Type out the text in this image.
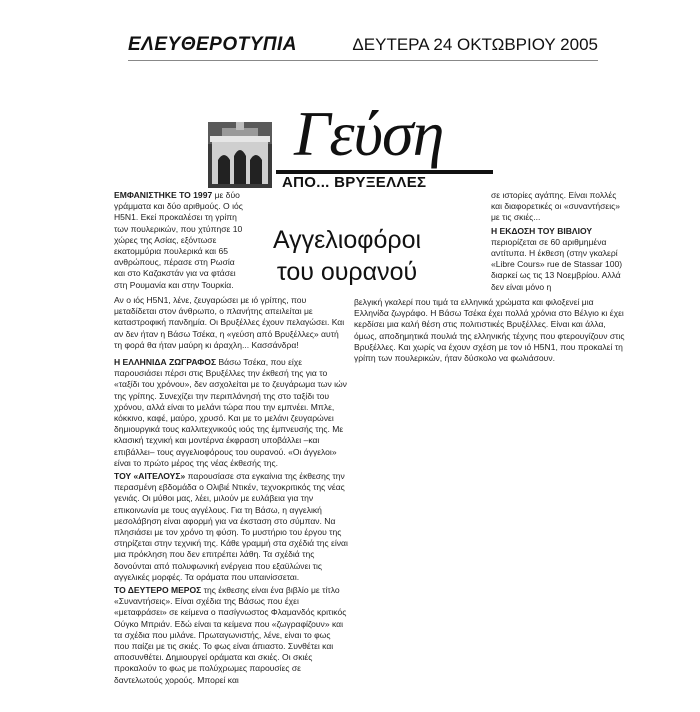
ΕΛΕΥΘΕΡΟΤΥΠΙΑ	ΔΕΥΤΕΡΑ 24 ΟΚΤΩΒΡΙΟΥ 2005
Γεύση
ΑΠΟ... ΒΡΥΞΕΛΛΕΣ
Αγγελιοφόροι
του ουρανού

ΕΜΦΑΝΙΣΤΗΚΕ ΤΟ 1997 με δύο γράμματα και δύο αριθμούς. Ο ιός H5N1. Εκεί προκαλέσει τη γρίπη των πουλερικών, που χτύπησε 10 χώρες της Ασίας, εξόντωσε εκατομμύρια πουλερικά και 65 ανθρώπους, πέρασε στη Ρωσία και στο Καζακστάν για να φτάσει στη Ρουμανία και στην Τουρκία.

Αν ο ιός H5N1, λένε, ζευγαρώσει με ιό γρίπης, που μεταδίδεται στον άνθρωπο, ο πλανήτης απειλείται με καταστροφική πανδημία. Οι Βρυξέλλες έχουν πελαγώσει. Και αν δεν ήταν η Βάσω Τσέκα, η «γεύση από Βρυξέλλες» αυτή τη φορά θα ήταν μαύρη κι άραχλη... Κασσάνδρα!

Η ΕΛΛΗΝΙΔΑ ΖΩΓΡΑΦΟΣ Βάσω Τσέκα, που είχε παρουσιάσει πέρσι στις Βρυξέλλες την έκθεσή της για το «ταξίδι του χρόνου», δεν ασχολείται με το ζευγάρωμα των ιών της γρίπης. Συνεχίζει την περιπλάνησή της στο ταξίδι του χρόνου, αλλά είναι το μελάνι τώρα που την εμπνέει. Μπλε, κόκκινο, καφέ, μαύρο, χρυσό. Και με το μελάνι ζευγαρώνει δημιουργικά τους καλλιτεχνικούς ιούς της έμπνευσής της. Με κλασική τεχνική και μοντέρνα έκφραση υποβάλλει –και επιβάλλει– τους αγγελιοφόρους του ουρανού. «Οι άγγελοι» είναι το πρώτο μέρος της νέας έκθεσής της.

ΤΟΥ «ΑΙΤΕΛΟΥΣ» παρουσίασε στα εγκαίνια της έκθεσης την περασμένη εβδομάδα ο Ολιβιέ Ντικέν, τεχνοκριτικός της νέας γενιάς. Οι μύθοι μας, λέει, μιλούν με ευλάβεια για την επικοινωνία με τους αγγέλους. Για τη Βάσω, η αγγελική μεσολάβηση είναι αφορμή για να έκσταση στο σύμπαν. Να πλησιάσει με τον χρόνο τη φύση. Το μυστήριο του έργου της στηρίζεται στην τεχνική της. Κάθε γραμμή στα σχέδιά της είναι μια πρόκληση που δεν επιτρέπει λάθη. Τα σχέδιά της δονούνται από πολυφωνική ενέργεια που εξαϋλώνει τις αγγελικές μορφές. Τα οράματα που υπαινίσσεται.

ΤΟ ΔΕΥΤΕΡΟ ΜΕΡΟΣ της έκθεσης είναι ένα βιβλίο με τίτλο «Συναντήσεις». Είναι σχέδια της Βάσως που έχει «μεταφράσει» σε κείμενα ο πασίγνωστος Φλαμανδός κριτικός Ούγκο Μπριάν. Εδώ είναι τα κείμενα που «ζωγραφίζουν» και τα σχέδια που μιλάνε. Πρωταγωνιστής, λένε, είναι το φως που παίζει με τις σκιές. Το φως είναι άπιαστο. Συνθέτει και αποσυνθέτει. Δημιουργεί οράματα και σκιές. Οι σκιές προκαλούν το φως με πολύχρωμες παρουσίες σε δαντελωτούς χορούς. Μπορεί και

σε ιστορίες αγάπης. Είναι πολλές και διαφορετικές οι «συναντήσεις» με τις σκιές...

Η ΕΚΔΟΣΗ ΤΟΥ ΒΙΒΛΙΟΥ περιορίζεται σε 60 αριθμημένα αντίτυπα. Η έκθεση (στην γκαλερί «Libre Cours» rue de Stassar 100) διαρκεί ως τις 13 Νοεμβρίου. Αλλά δεν είναι μόνο η

βελγική γκαλερί που τιμά τα ελληνικά χρώματα και φιλοξενεί μια Ελληνίδα ζωγράφο. Η Βάσω Τσέκα έχει πολλά χρόνια στο Βέλγιο κι έχει κερδίσει μια καλή θέση στις πολιτιστικές Βρυξέλλες. Είναι και άλλα, όμως, αποδημητικά πουλιά της ελληνικής τέχνης που φτερουγίζουν στις Βρυξέλλες. Και χωρίς να έχουν σχέση με τον ιό H5N1, που προκαλεί τη γρίπη των πουλερικών, ήταν δύσκολο να φωλιάσουν.
